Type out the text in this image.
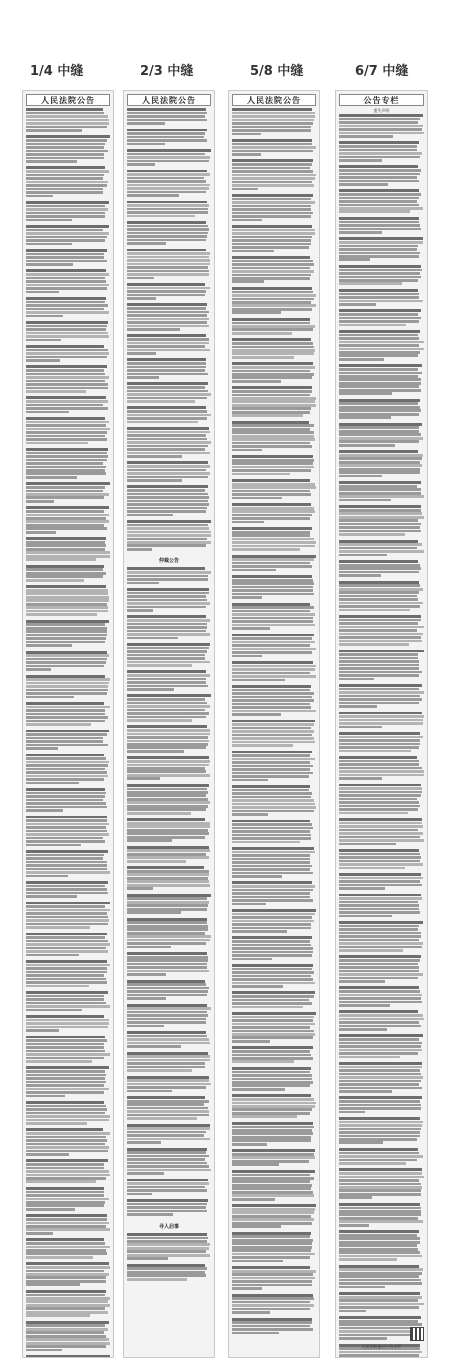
1/4 中缝	2/3 中缝	5/8 中缝	6/7 中缝
人民法院公告	人民法院公告
仲裁公告
寻人启事
人民法院公告	公告专栏
遗失声明
人民法院报社公告专栏
